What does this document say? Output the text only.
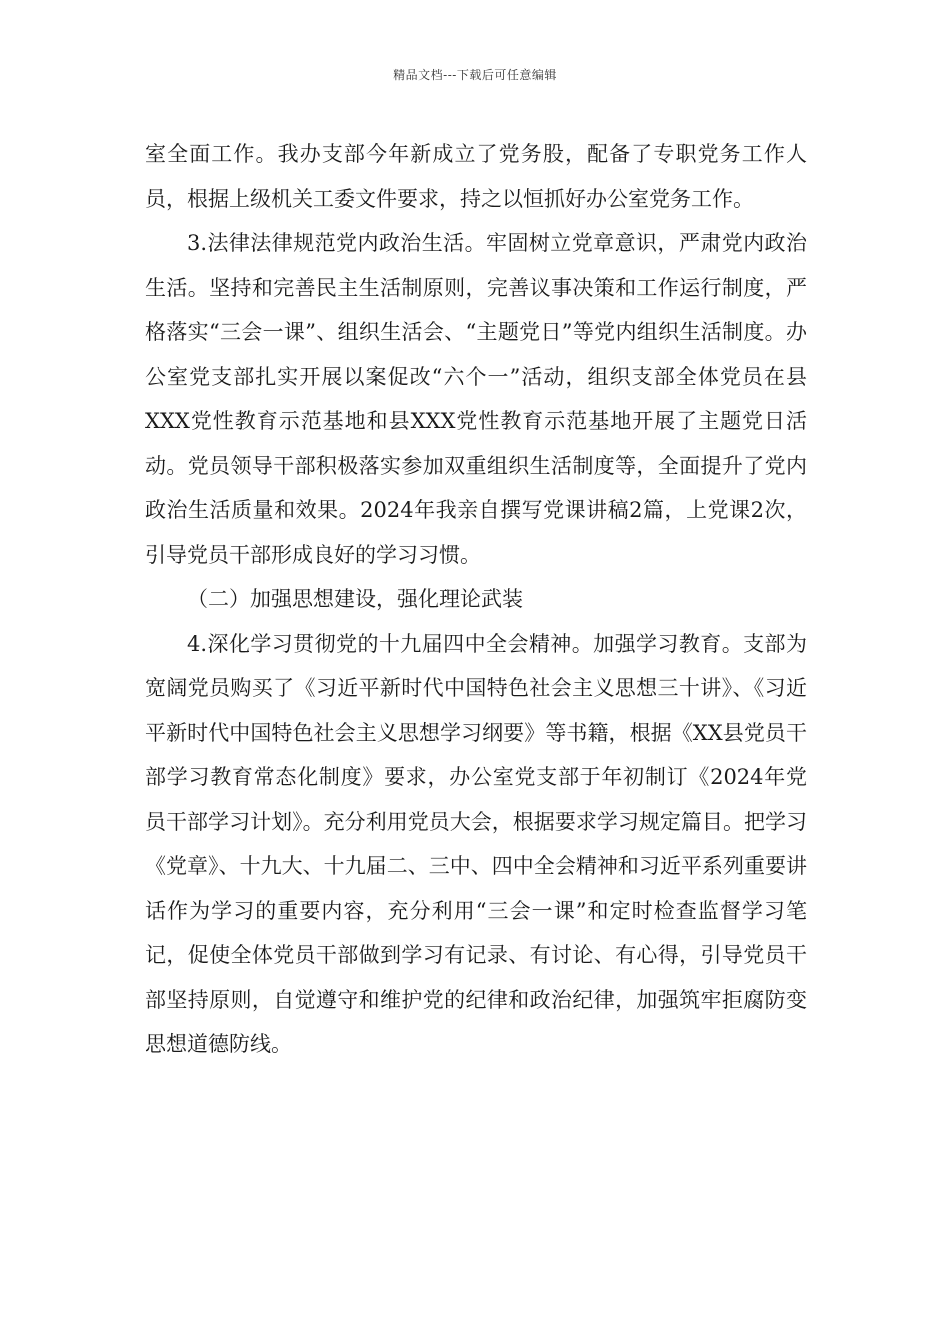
精品文档---下载后可任意编辑

室全面工作。我办支部今年新成立了党务股，配备了专职党务工作人员，根据上级机关工委文件要求，持之以恒抓好办公室党务工作。

3.法律法律规范党内政治生活。牢固树立党章意识，严肃党内政治生活。坚持和完善民主生活制原则，完善议事决策和工作运行制度，严格落实“三会一课”、组织生活会、“主题党日”等党内组织生活制度。办公室党支部扎实开展以案促改“六个一”活动，组织支部全体党员在县XXX党性教育示范基地和县XXX党性教育示范基地开展了主题党日活动。党员领导干部积极落实参加双重组织生活制度等，全面提升了党内政治生活质量和效果。2024年我亲自撰写党课讲稿2篇，上党课2次，引导党员干部形成良好的学习习惯。

（二）加强思想建设，强化理论武装

4.深化学习贯彻党的十九届四中全会精神。加强学习教育。支部为宽阔党员购买了《习近平新时代中国特色社会主义思想三十讲》、《习近平新时代中国特色社会主义思想学习纲要》等书籍，根据《XX县党员干部学习教育常态化制度》要求，办公室党支部于年初制订《2024年党员干部学习计划》。充分利用党员大会，根据要求学习规定篇目。把学习《党章》、十九大、十九届二、三中、四中全会精神和习近平系列重要讲话作为学习的重要内容，充分利用“三会一课”和定时检查监督学习笔记，促使全体党员干部做到学习有记录、有讨论、有心得，引导党员干部坚持原则，自觉遵守和维护党的纪律和政治纪律，加强筑牢拒腐防变思想道德防线。
